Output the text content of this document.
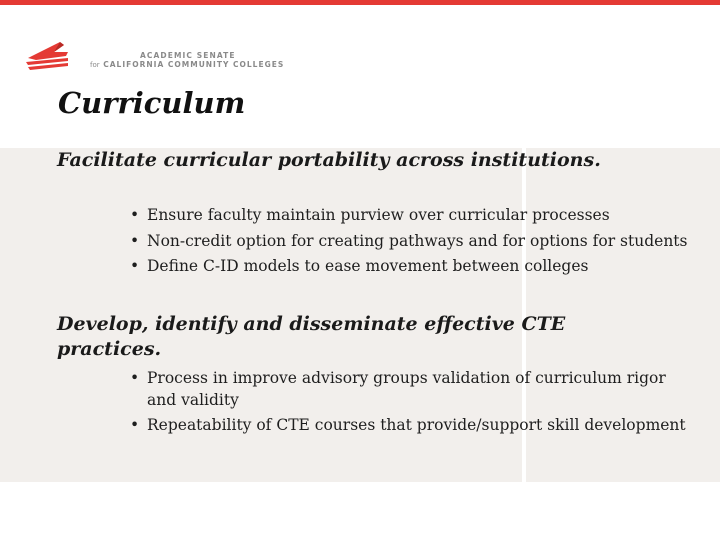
ACADEMIC SENATE
for CALIFORNIA COMMUNITY COLLEGES
Curriculum
Facilitate curricular portability across institutions.
• Ensure faculty maintain purview over curricular processes
• Non-credit option for creating pathways and for options for students
• Define C-ID models to ease movement between colleges
Develop, identify and disseminate effective CTE practices.
• Process in improve advisory groups validation of curriculum rigor and validity
• Repeatability of CTE courses that provide/support skill development
